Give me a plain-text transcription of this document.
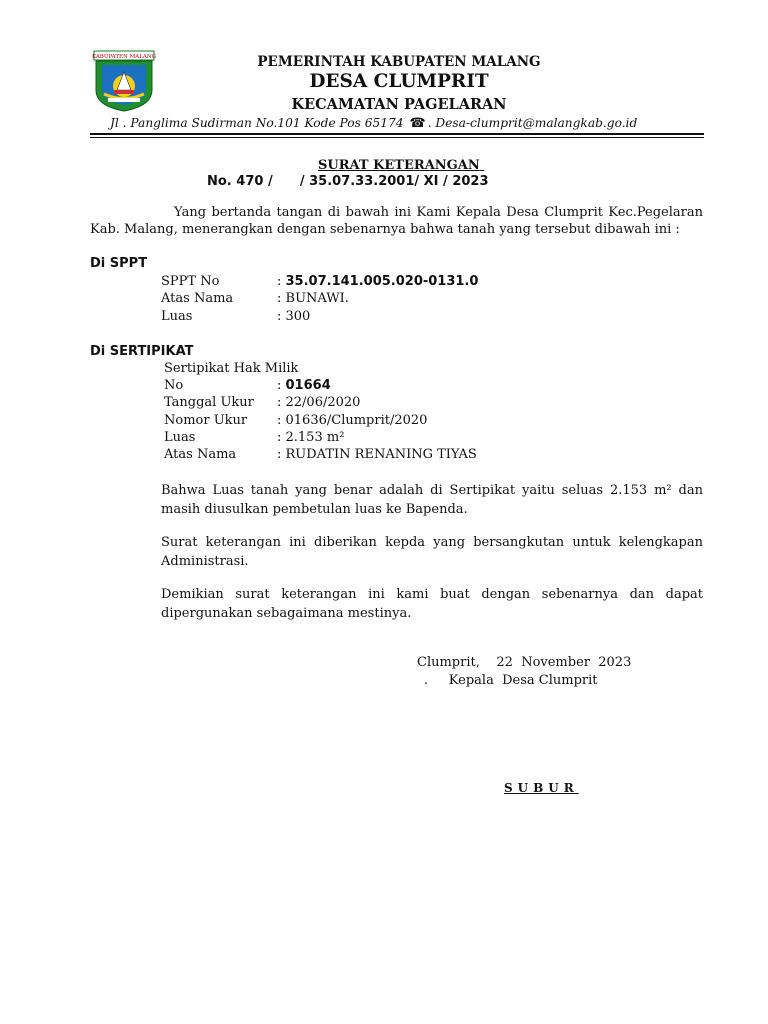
KABUPATEN MALANG	PEMERINTAH KABUPATEN MALANG
DESA CLUMPRIT
KECAMATAN PAGELARAN
Jl . Panglima Sudirman No.101 Kode Pos 65174 ☎ . Desa-clumprit@malangkab.go.id
SURAT KETERANGAN
No. 470 /      / 35.07.33.2001/ XI / 2023
Yang bertanda tangan di bawah ini Kami Kepala Desa Clumprit Kec.Pegelaran Kab. Malang, menerangkan dengan sebenarnya bahwa tanah yang tersebut dibawah ini :
Di SPPT
SPPT No	: 35.07.141.005.020-0131.0
Atas Nama	: BUNAWI.
Luas	: 300
Di SERTIPIKAT
Sertipikat Hak Milik
No	: 01664
Tanggal Ukur : 22/06/2020
Nomor Ukur : 01636/Clumprit/2020
Luas	: 2.153 m²
Atas Nama	: RUDATIN RENANING TIYAS
Bahwa Luas tanah yang benar adalah di Sertipikat yaitu seluas 2.153 m² dan masih diusulkan pembetulan luas ke Bapenda.
Surat keterangan ini diberikan kepda yang bersangkutan untuk kelengkapan Administrasi.
Demikian surat keterangan ini kami buat dengan sebenarnya dan dapat dipergunakan sebagaimana mestinya.
Clumprit,    22  November  2023
.     Kepala  Desa Clumprit
SUBUR
